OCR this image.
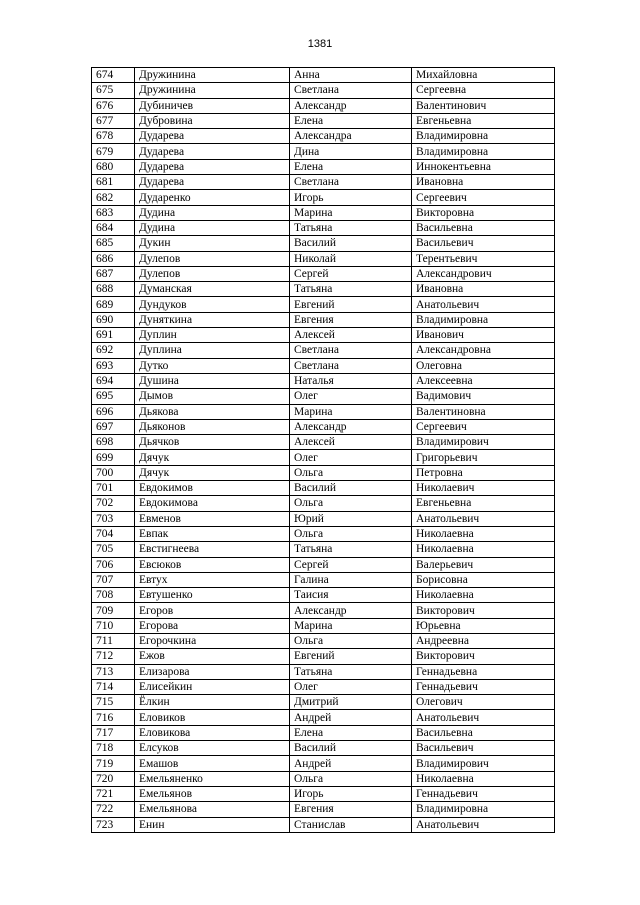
1381
674	Дружинина	Анна	Михайловна
675	Дружинина	Светлана	Сергеевна
676	Дубиничев	Александр	Валентинович
677	Дубровина	Елена	Евгеньевна
678	Дударева	Александра	Владимировна
679	Дударева	Дина	Владимировна
680	Дударева	Елена	Иннокентьевна
681	Дударева	Светлана	Ивановна
682	Дударенко	Игорь	Сергеевич
683	Дудина	Марина	Викторовна
684	Дудина	Татьяна	Васильевна
685	Дукин	Василий	Васильевич
686	Дулепов	Николай	Терентьевич
687	Дулепов	Сергей	Александрович
688	Думанская	Татьяна	Ивановна
689	Дундуков	Евгений	Анатольевич
690	Дуняткина	Евгения	Владимировна
691	Дуплин	Алексей	Иванович
692	Дуплина	Светлана	Александровна
693	Дутко	Светлана	Олеговна
694	Душина	Наталья	Алексеевна
695	Дымов	Олег	Вадимович
696	Дьякова	Марина	Валентиновна
697	Дьяконов	Александр	Сергеевич
698	Дьячков	Алексей	Владимирович
699	Дячук	Олег	Григорьевич
700	Дячук	Ольга	Петровна
701	Евдокимов	Василий	Николаевич
702	Евдокимова	Ольга	Евгеньевна
703	Евменов	Юрий	Анатольевич
704	Евпак	Ольга	Николаевна
705	Евстигнеева	Татьяна	Николаевна
706	Евсюков	Сергей	Валерьевич
707	Евтух	Галина	Борисовна
708	Евтушенко	Таисия	Николаевна
709	Егоров	Александр	Викторович
710	Егорова	Марина	Юрьевна
711	Егорочкина	Ольга	Андреевна
712	Ежов	Евгений	Викторович
713	Елизарова	Татьяна	Геннадьевна
714	Елисейкин	Олег	Геннадьевич
715	Ёлкин	Дмитрий	Олегович
716	Еловиков	Андрей	Анатольевич
717	Еловикова	Елена	Васильевна
718	Елсуков	Василий	Васильевич
719	Емашов	Андрей	Владимирович
720	Емельяненко	Ольга	Николаевна
721	Емельянов	Игорь	Геннадьевич
722	Емельянова	Евгения	Владимировна
723	Енин	Станислав	Анатольевич
